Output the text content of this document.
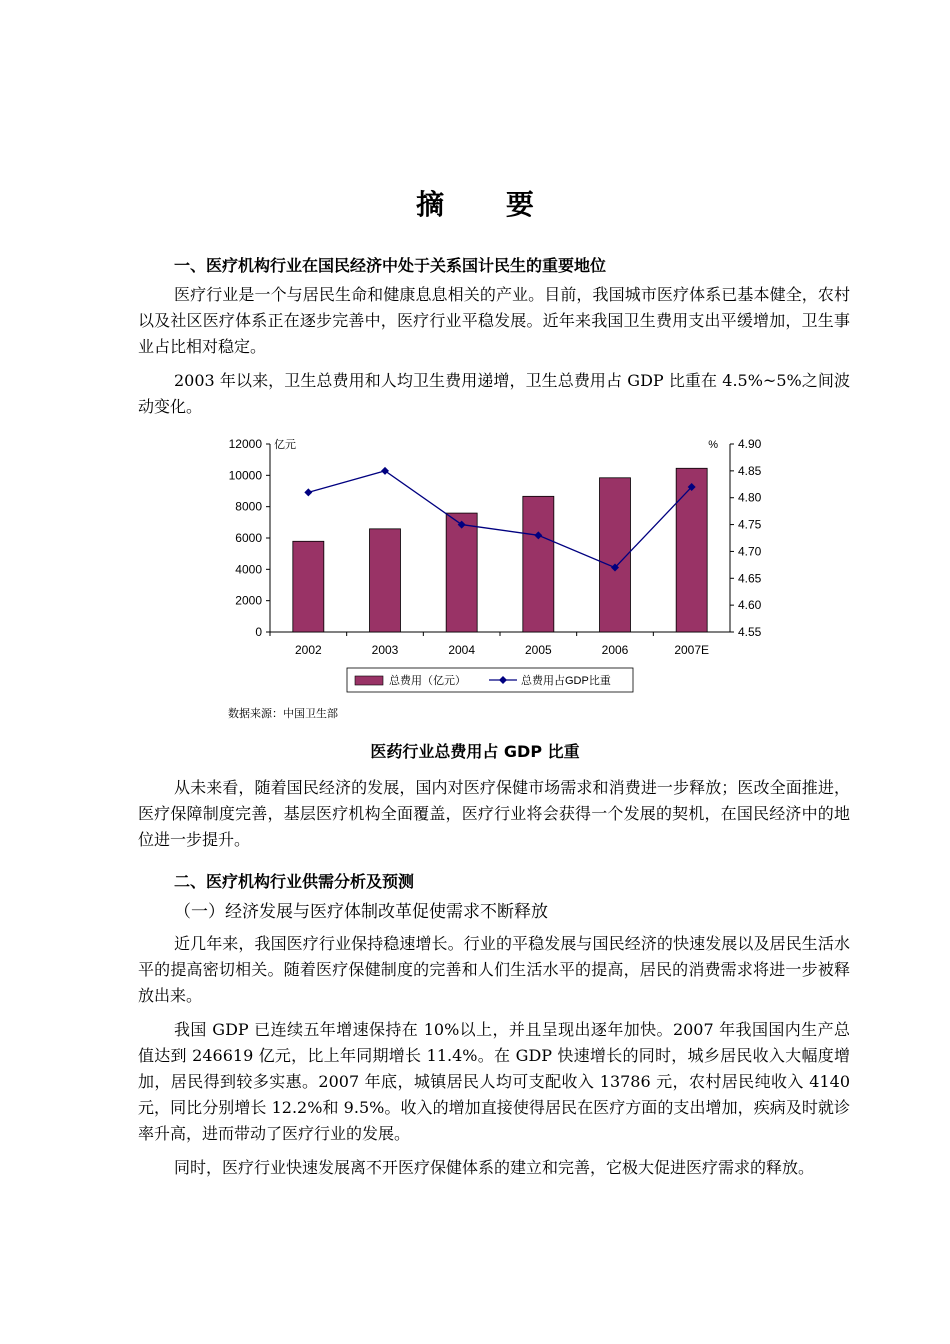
摘 要
一、医疗机构行业在国民经济中处于关系国计民生的重要地位
医疗行业是一个与居民生命和健康息息相关的产业。目前，我国城市医疗体系已基本健全，农村以及社区医疗体系正在逐步完善中，医疗行业平稳发展。近年来我国卫生费用支出平缓增加，卫生事业占比相对稳定。
2003 年以来，卫生总费用和人均卫生费用递增，卫生总费用占 GDP 比重在 4.5%~5%之间波动变化。
0
2000
4000
6000
8000
10000
12000
4.55
4.60
4.65
4.70
4.75
4.80
4.85
4.90
亿元	%
2002	2003	2004	2005	2006	2007E
总费用（亿元）	总费用占GDP比重
数据来源：中国卫生部
医药行业总费用占 GDP 比重
从未来看，随着国民经济的发展，国内对医疗保健市场需求和消费进一步释放；医改全面推进，医疗保障制度完善，基层医疗机构全面覆盖，医疗行业将会获得一个发展的契机，在国民经济中的地位进一步提升。
二、医疗机构行业供需分析及预测
（一）经济发展与医疗体制改革促使需求不断释放
近几年来，我国医疗行业保持稳速增长。行业的平稳发展与国民经济的快速发展以及居民生活水平的提高密切相关。随着医疗保健制度的完善和人们生活水平的提高，居民的消费需求将进一步被释放出来。
我国 GDP 已连续五年增速保持在 10%以上，并且呈现出逐年加快。2007 年我国国内生产总值达到 246619 亿元，比上年同期增长 11.4%。在 GDP 快速增长的同时，城乡居民收入大幅度增加，居民得到较多实惠。2007 年底，城镇居民人均可支配收入 13786 元，农村居民纯收入 4140 元，同比分别增长 12.2%和 9.5%。收入的增加直接使得居民在医疗方面的支出增加，疾病及时就诊率升高，进而带动了医疗行业的发展。
同时，医疗行业快速发展离不开医疗保健体系的建立和完善，它极大促进医疗需求的释放。
